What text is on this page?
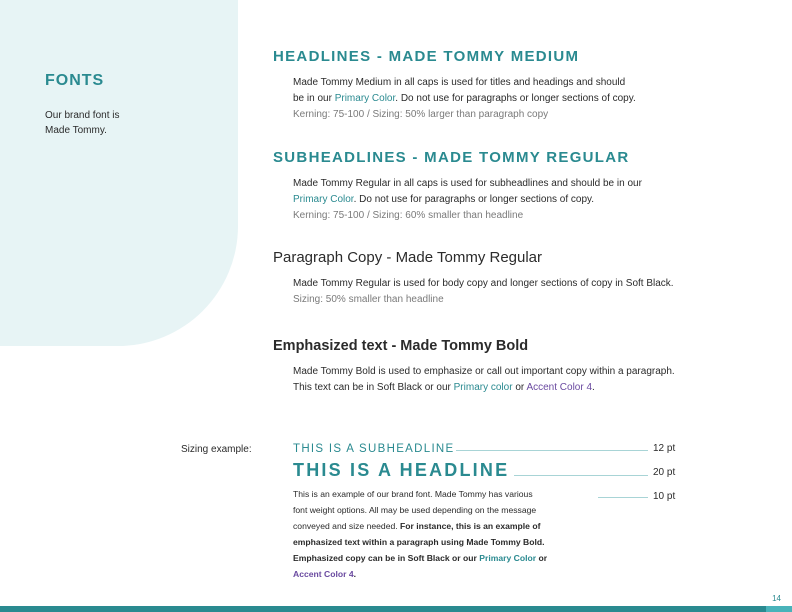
FONTS
Our brand font is
Made Tommy.
HEADLINES - MADE TOMMY MEDIUM

Made Tommy Medium in all caps is used for titles and headings and should

be in our Primary Color. Do not use for paragraphs or longer sections of copy.

Kerning: 75-100 / Sizing: 50% larger than paragraph copy

SUBHEADLINES - MADE TOMMY REGULAR

Made Tommy Regular in all caps is used for subheadlines and should be in our

Primary Color. Do not use for paragraphs or longer sections of copy.

Kerning: 75-100 / Sizing: 60% smaller than headline

Paragraph Copy - Made Tommy Regular

Made Tommy Regular is used for body copy and longer sections of copy in Soft Black.

Sizing: 50% smaller than headline

Emphasized text - Made Tommy Bold

Made Tommy Bold is used to emphasize or call out important copy within a paragraph.

This text can be in Soft Black or our Primary color or Accent Color 4.

Sizing example:	THIS IS A SUBHEADLINE
THIS IS A HEADLINE

This is an example of our brand font. Made Tommy has various

font weight options. All may be used depending on the message

conveyed and size needed. For instance, this is an example of

emphasized text within a paragraph using Made Tommy Bold.

Emphasized copy can be in Soft Black or our Primary Color or

Accent Color 4.

12 pt
20 pt
10 pt
14
